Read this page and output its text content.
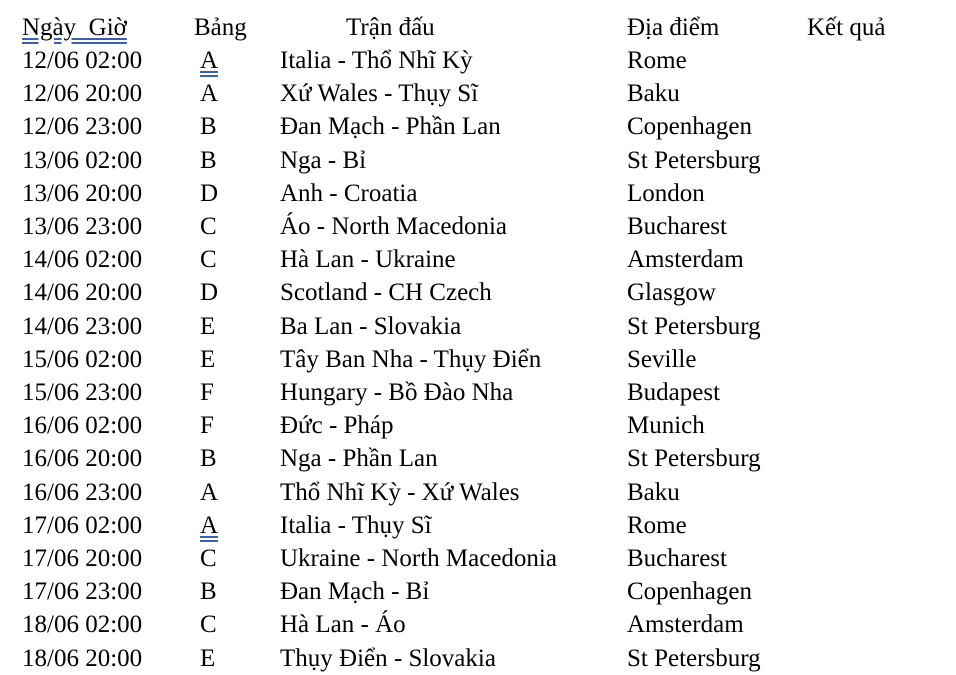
Ngày  Giờ	Bảng	Trận đấu	Địa điểm	Kết quả
12/06 02:00 A Italia - Thổ Nhĩ Kỳ	Rome
12/06 20:00 A Xứ Wales - Thụy Sĩ	Baku
12/06 23:00 B	Đan Mạch - Phần Lan	Copenhagen
13/06 02:00 B	Nga - Bỉ	St Petersburg
13/06 20:00 D Anh - Croatia	London
13/06 23:00 C	Áo - North Macedonia	Bucharest
14/06 02:00 C	Hà Lan - Ukraine	Amsterdam
14/06 20:00 D Scotland - CH Czech	Glasgow
14/06 23:00 E	Ba Lan - Slovakia	St Petersburg
15/06 02:00 E	Tây Ban Nha - Thụy Điển	Seville
15/06 23:00 F	Hungary - Bồ Đào Nha	Budapest
16/06 02:00 F	Đức - Pháp	Munich
16/06 20:00 B	Nga - Phần Lan	St Petersburg
16/06 23:00 A Thổ Nhĩ Kỳ - Xứ Wales	Baku
17/06 02:00 A Italia - Thụy Sĩ	Rome
17/06 20:00 C	Ukraine - North Macedonia	Bucharest
17/06 23:00 B	Đan Mạch - Bỉ	Copenhagen
18/06 02:00 C	Hà Lan - Áo	Amsterdam
18/06 20:00 E	Thụy Điển - Slovakia	St Petersburg
